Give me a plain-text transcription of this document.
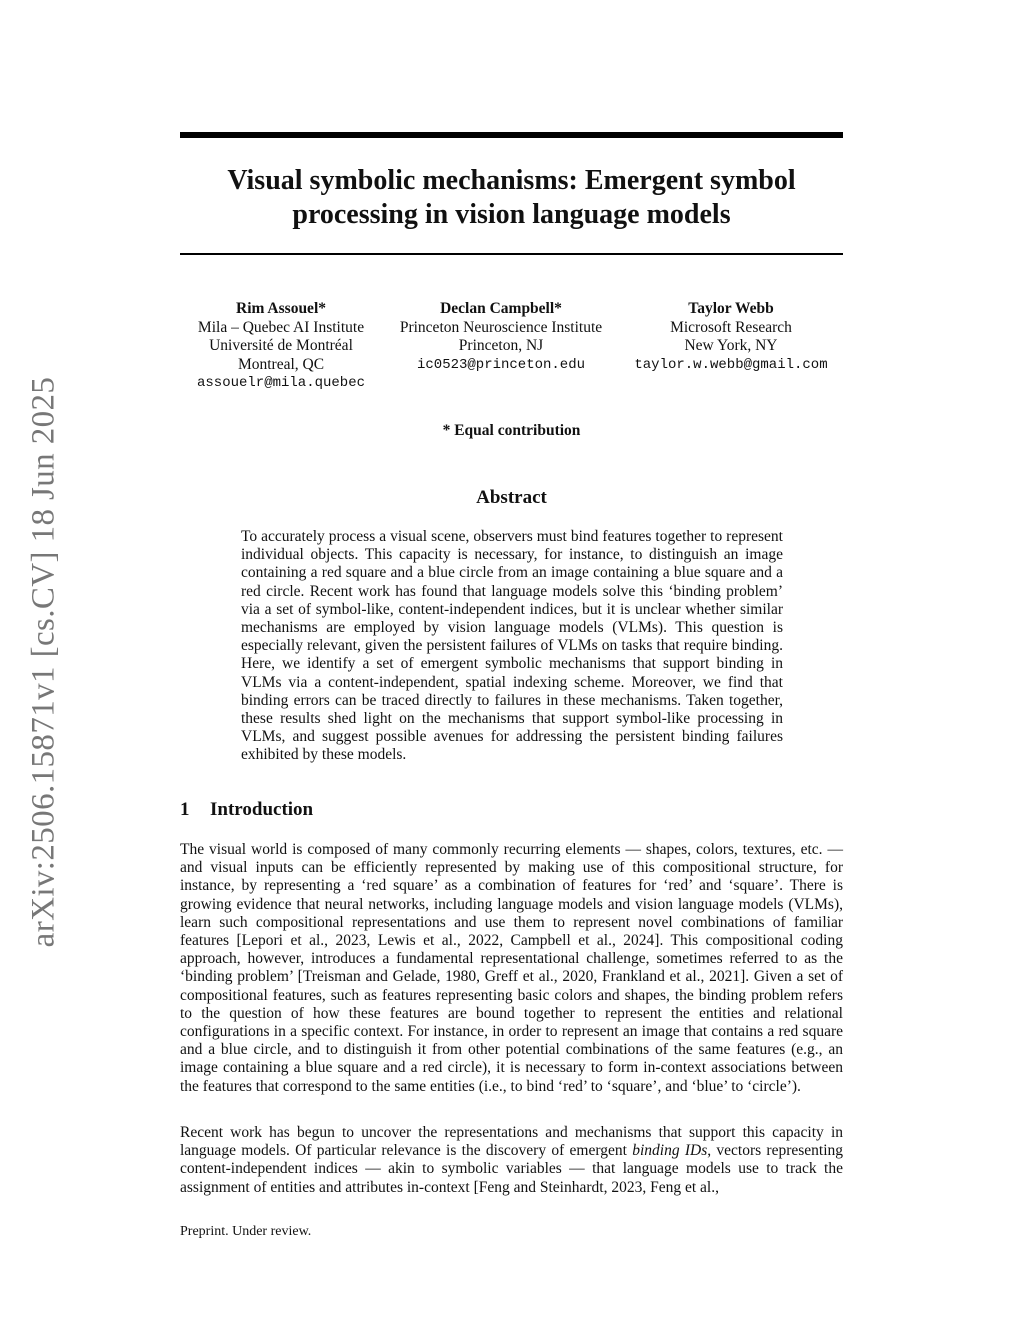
arXiv:2506.15871v1 [cs.CV] 18 Jun 2025
Visual symbolic mechanisms: Emergent symbol processing in vision language models
Rim Assouel*
Mila – Quebec AI Institute
Université de Montréal
Montreal, QC
assouelr@mila.quebec
Declan Campbell*
Princeton Neuroscience Institute
Princeton, NJ
ic0523@princeton.edu
Taylor Webb
Microsoft Research
New York, NY
taylor.w.webb@gmail.com
* Equal contribution
Abstract

To accurately process a visual scene, observers must bind features together to represent individual objects. This capacity is necessary, for instance, to distinguish an image containing a red square and a blue circle from an image containing a blue square and a red circle. Recent work has found that language models solve this ‘binding problem’ via a set of symbol-like, content-independent indices, but it is unclear whether similar mechanisms are employed by vision language models (VLMs). This question is especially relevant, given the persistent failures of VLMs on tasks that require binding. Here, we identify a set of emergent symbolic mechanisms that support binding in VLMs via a content-independent, spatial indexing scheme. Moreover, we find that binding errors can be traced directly to failures in these mechanisms. Taken together, these results shed light on the mechanisms that support symbol-like processing in VLMs, and suggest possible avenues for addressing the persistent binding failures exhibited by these models.

1 Introduction

The visual world is composed of many commonly recurring elements — shapes, colors, textures, etc. — and visual inputs can be efficiently represented by making use of this compositional structure, for instance, by representing a ‘red square’ as a combination of features for ‘red’ and ‘square’. There is growing evidence that neural networks, including language models and vision language models (VLMs), learn such compositional representations and use them to represent novel combinations of familiar features [Lepori et al., 2023, Lewis et al., 2022, Campbell et al., 2024]. This compositional coding approach, however, introduces a fundamental representational challenge, sometimes referred to as the ‘binding problem’ [Treisman and Gelade, 1980, Greff et al., 2020, Frankland et al., 2021]. Given a set of compositional features, such as features representing basic colors and shapes, the binding problem refers to the question of how these features are bound together to represent the entities and relational configurations in a specific context. For instance, in order to represent an image that contains a red square and a blue circle, and to distinguish it from other potential combinations of the same features (e.g., an image containing a blue square and a red circle), it is necessary to form in-context associations between the features that correspond to the same entities (i.e., to bind ‘red’ to ‘square’, and ‘blue’ to ‘circle’).

Recent work has begun to uncover the representations and mechanisms that support this capacity in language models. Of particular relevance is the discovery of emergent binding IDs, vectors representing content-independent indices — akin to symbolic variables — that language models use to track the assignment of entities and attributes in-context [Feng and Steinhardt, 2023, Feng et al.,

Preprint. Under review.
